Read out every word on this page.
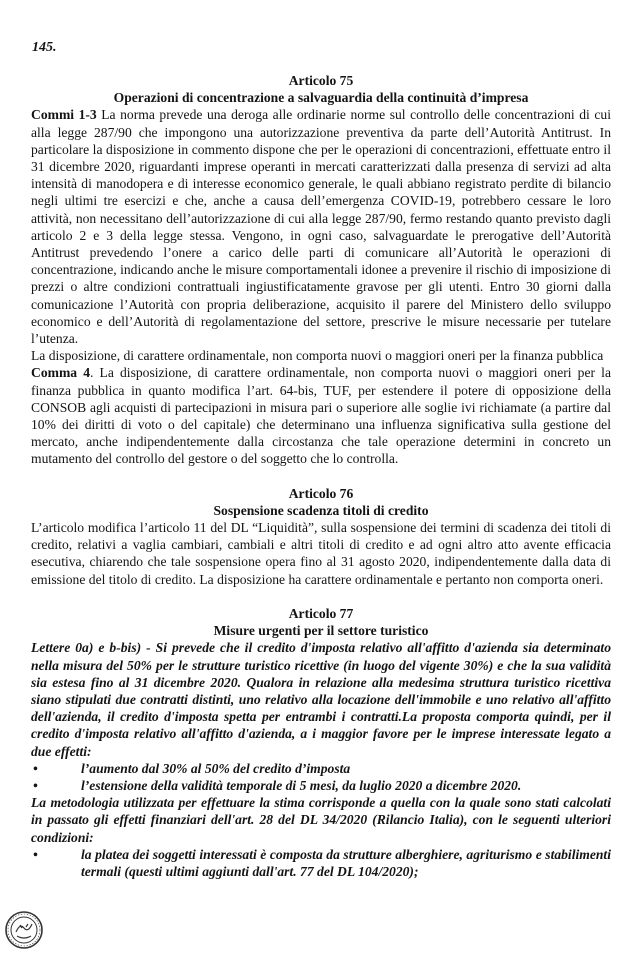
145.

Articolo 75

Operazioni di concentrazione a salvaguardia della continuità d’impresa

Commi 1-3 La norma prevede una deroga alle ordinarie norme sul controllo delle concentrazioni di cui alla legge 287/90 che impongono una autorizzazione preventiva da parte dell’Autorità Antitrust. In particolare la disposizione in commento dispone che per le operazioni di concentrazioni, effettuate entro il 31 dicembre 2020, riguardanti imprese operanti in mercati caratterizzati dalla presenza di servizi ad alta intensità di manodopera e di interesse economico generale, le quali abbiano registrato perdite di bilancio negli ultimi tre esercizi e che, anche a causa dell’emergenza COVID-19, potrebbero cessare le loro attività, non necessitano dell’autorizzazione di cui alla legge 287/90, fermo restando quanto previsto dagli articolo 2 e 3 della legge stessa. Vengono, in ogni caso, salvaguardate le prerogative dell’Autorità Antitrust prevedendo l’onere a carico delle parti di comunicare all’Autorità le operazioni di concentrazione, indicando anche le misure comportamentali idonee a prevenire il rischio di imposizione di prezzi o altre condizioni contrattuali ingiustificatamente gravose per gli utenti. Entro 30 giorni dalla comunicazione l’Autorità con propria deliberazione, acquisito il parere del Ministero dello sviluppo economico e dell’Autorità di regolamentazione del settore, prescrive le misure necessarie per tutelare l’utenza.

La disposizione, di carattere ordinamentale, non comporta nuovi o maggiori oneri per la finanza pubblica

Comma 4. La disposizione, di carattere ordinamentale, non comporta nuovi o maggiori oneri per la finanza pubblica in quanto modifica l’art. 64-bis, TUF, per estendere il potere di opposizione della CONSOB agli acquisti di partecipazioni in misura pari o superiore alle soglie ivi richiamate (a partire dal 10% dei diritti di voto o del capitale) che determinano una influenza significativa sulla gestione del mercato, anche indipendentemente dalla circostanza che tale operazione determini in concreto un mutamento del controllo del gestore o del soggetto che lo controlla.

Articolo 76

Sospensione scadenza titoli di credito

L’articolo modifica l’articolo 11 del DL “Liquidità”, sulla sospensione dei termini di scadenza dei titoli di credito, relativi a vaglia cambiari, cambiali e altri titoli di credito e ad ogni altro atto avente efficacia esecutiva, chiarendo che tale sospensione opera fino al 31 agosto 2020, indipendentemente dalla data di emissione del titolo di credito. La disposizione ha carattere ordinamentale e pertanto non comporta oneri.

Articolo 77

Misure urgenti per il settore turistico

Lettere 0a) e b-bis) - Si prevede che il credito d'imposta relativo all'affitto d'azienda sia determinato nella misura del 50% per le strutture turistico ricettive (in luogo del vigente 30%) e che la sua validità sia estesa fino al 31 dicembre 2020. Qualora in relazione alla medesima struttura turistico ricettiva siano stipulati due contratti distinti, uno relativo alla locazione dell'immobile e uno relativo all'affitto dell'azienda, il credito d'imposta spetta per entrambi i contratti.La proposta comporta quindi, per il credito d'imposta relativo all'affitto d'azienda, a i maggior favore per le imprese interessate legato a due effetti:

•	l’aumento dal 30% al 50% del credito d’imposta
•	l’estensione della validità temporale di 5 mesi, da luglio 2020 a dicembre 2020.

La metodologia utilizzata per effettuare la stima corrisponde a quella con la quale sono stati calcolati in passato gli effetti finanziari dell'art. 28 del DL 34/2020 (Rilancio Italia), con le seguenti ulteriori condizioni:

•	la platea dei soggetti interessati è composta da strutture alberghiere, agriturismo e stabilimenti termali (questi ultimi aggiunti dall'art. 77 del DL 104/2020);
